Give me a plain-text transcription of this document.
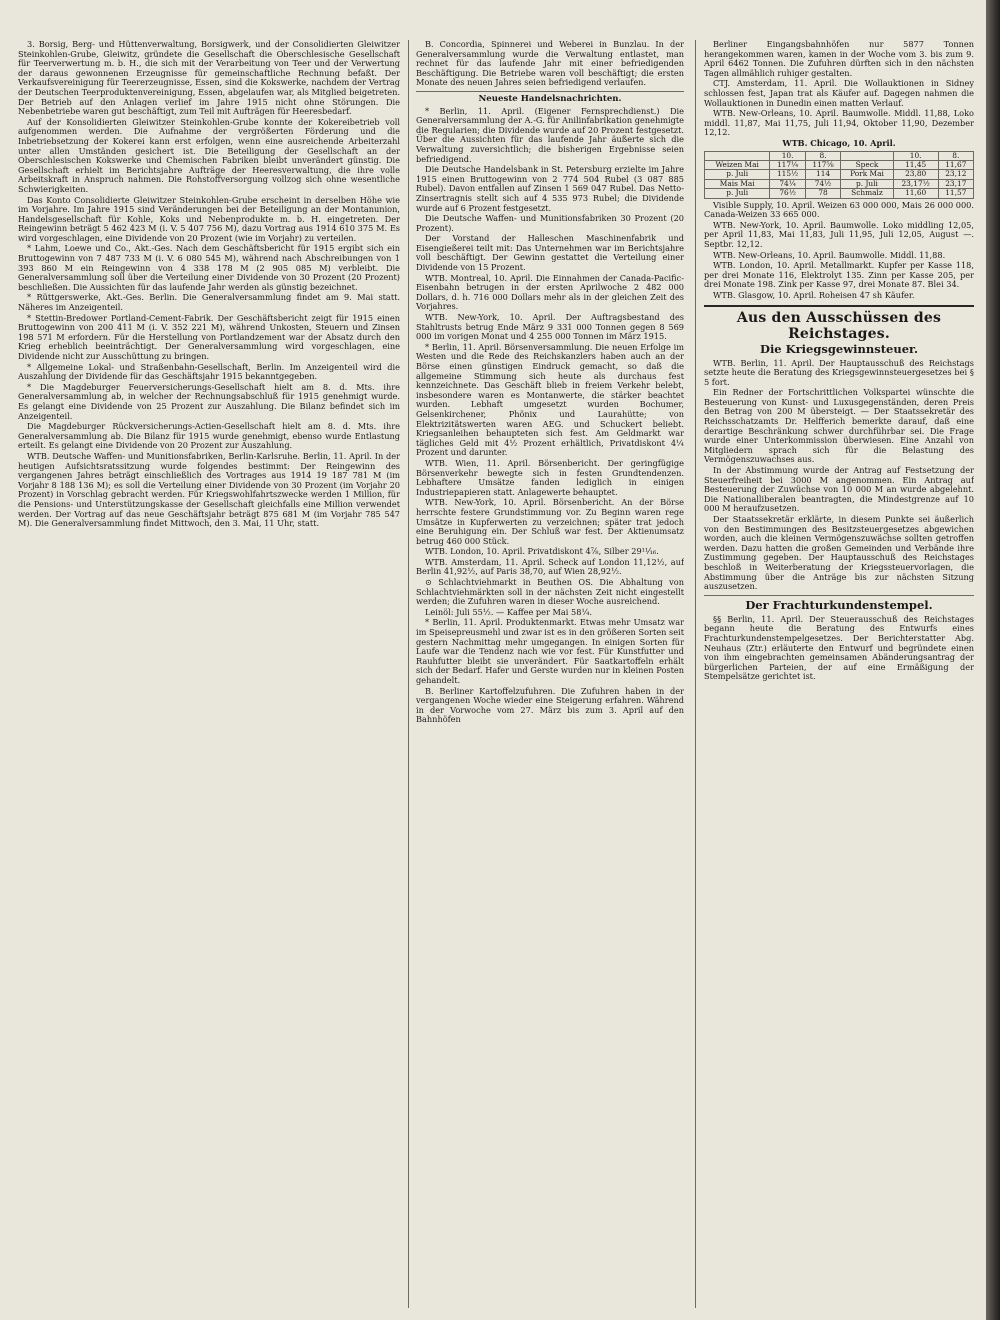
3. Borsig, Berg- und Hüttenverwaltung, Borsigwerk, und der Consolidierten Gleiwitzer Steinkohlen-Grube, Gleiwitz, gründete die Gesellschaft die Oberschlesische Gesellschaft für Teerverwertung m. b. H., die sich mit der Verarbeitung von Teer und der Verwertung der daraus gewonnenen Erzeugnisse für gemeinschaftliche Rechnung befaßt. Der Verkaufsvereinigung für Teererzeugnisse, Essen, sind die Kokswerke, nachdem der Vertrag der Deutschen Teerproduktenvereinigung, Essen, abgelaufen war, als Mitglied beigetreten. Der Betrieb auf den Anlagen verlief im Jahre 1915 nicht ohne Störungen. Die Nebenbetriebe waren gut beschäftigt, zum Teil mit Aufträgen für Heeresbedarf.

Auf der Konsolidierten Gleiwitzer Steinkohlen-Grube konnte der Kokereibetrieb voll aufgenommen werden. Die Aufnahme der vergrößerten Förderung und die Inbetriebsetzung der Kokerei kann erst erfolgen, wenn eine ausreichende Arbeiterzahl unter allen Umständen gesichert ist. Die Beteiligung der Gesellschaft an der Oberschlesischen Kokswerke und Chemischen Fabriken bleibt unverändert günstig. Die Gesellschaft erhielt im Berichtsjahre Aufträge der Heeresverwaltung, die ihre volle Arbeitskraft in Anspruch nahmen. Die Rohstoffversorgung vollzog sich ohne wesentliche Schwierigkeiten.

Das Konto Consolidierte Gleiwitzer Steinkohlen-Grube erscheint in derselben Höhe wie im Vorjahre. Im Jahre 1915 sind Veränderungen bei der Beteiligung an der Montanunion, Handelsgesellschaft für Kohle, Koks und Nebenprodukte m. b. H. eingetreten. Der Reingewinn beträgt 5 462 423 M (i. V. 5 407 756 M), dazu Vortrag aus 1914 610 375 M. Es wird vorgeschlagen, eine Dividende von 20 Prozent (wie im Vorjahr) zu verteilen.

* Lahm, Loewe und Co., Akt.-Ges. Nach dem Geschäftsbericht für 1915 ergibt sich ein Bruttogewinn von 7 487 733 M (i. V. 6 080 545 M), während nach Abschreibungen von 1 393 860 M ein Reingewinn von 4 338 178 M (2 905 085 M) verbleibt. Die Generalversammlung soll über die Verteilung einer Dividende von 30 Prozent (20 Prozent) beschließen. Die Aussichten für das laufende Jahr werden als günstig bezeichnet.

* Rüttgerswerke, Akt.-Ges. Berlin. Die Generalversammlung findet am 9. Mai statt. Näheres im Anzeigenteil.

* Stettin-Bredower Portland-Cement-Fabrik. Der Geschäftsbericht zeigt für 1915 einen Bruttogewinn von 200 411 M (i. V. 352 221 M), während Unkosten, Steuern und Zinsen 198 571 M erfordern. Für die Herstellung von Portlandzement war der Absatz durch den Krieg erheblich beeinträchtigt. Der Generalversammlung wird vorgeschlagen, eine Dividende nicht zur Ausschüttung zu bringen.

* Allgemeine Lokal- und Straßenbahn-Gesellschaft, Berlin. Im Anzeigenteil wird die Auszahlung der Dividende für das Geschäftsjahr 1915 bekanntgegeben.

* Die Magdeburger Feuerversicherungs-Gesellschaft hielt am 8. d. Mts. ihre Generalversammlung ab, in welcher der Rechnungsabschluß für 1915 genehmigt wurde. Es gelangt eine Dividende von 25 Prozent zur Auszahlung. Die Bilanz befindet sich im Anzeigenteil.

Die Magdeburger Rückversicherungs-Actien-Gesellschaft hielt am 8. d. Mts. ihre Generalversammlung ab. Die Bilanz für 1915 wurde genehmigt, ebenso wurde Entlastung erteilt. Es gelangt eine Dividende von 20 Prozent zur Auszahlung.

WTB. Deutsche Waffen- und Munitionsfabriken, Berlin-Karlsruhe. Berlin, 11. April. In der heutigen Aufsichtsratssitzung wurde folgendes bestimmt: Der Reingewinn des vergangenen Jahres beträgt einschließlich des Vortrages aus 1914 19 187 781 M (im Vorjahr 8 188 136 M); es soll die Verteilung einer Dividende von 30 Prozent (im Vorjahr 20 Prozent) in Vorschlag gebracht werden. Für Kriegswohlfahrtszwecke werden 1 Million, für die Pensions- und Unterstützungskasse der Gesellschaft gleichfalls eine Million verwendet werden. Der Vortrag auf das neue Geschäftsjahr beträgt 875 681 M (im Vorjahr 785 547 M). Die Generalversammlung findet Mittwoch, den 3. Mai, 11 Uhr, statt.

B. Concordia, Spinnerei und Weberei in Bunzlau. In der Generalversammlung wurde die Verwaltung entlastet, man rechnet für das laufende Jahr mit einer befriedigenden Beschäftigung. Die Betriebe waren voll beschäftigt; die ersten Monate des neuen Jahres seien befriedigend verlaufen.

Neueste Handelsnachrichten.

* Berlin, 11. April. (Eigener Fernsprechdienst.) Die Generalversammlung der A.-G. für Anilinfabrikation genehmigte die Regularien; die Dividende wurde auf 20 Prozent festgesetzt. Über die Aussichten für das laufende Jahr äußerte sich die Verwaltung zuversichtlich; die bisherigen Ergebnisse seien befriedigend.

Die Deutsche Handelsbank in St. Petersburg erzielte im Jahre 1915 einen Bruttogewinn von 2 774 504 Rubel (3 087 885 Rubel). Davon entfallen auf Zinsen 1 569 047 Rubel. Das Netto-Zinsertragnis stellt sich auf 4 535 973 Rubel; die Dividende wurde auf 6 Prozent festgesetzt.

Die Deutsche Waffen- und Munitionsfabriken 30 Prozent (20 Prozent).

Der Vorstand der Halleschen Maschinenfabrik und Eisengießerei teilt mit: Das Unternehmen war im Berichtsjahre voll beschäftigt. Der Gewinn gestattet die Verteilung einer Dividende von 15 Prozent.

WTB. Montreal, 10. April. Die Einnahmen der Canada-Pacific-Eisenbahn betrugen in der ersten Aprilwoche 2 482 000 Dollars, d. h. 716 000 Dollars mehr als in der gleichen Zeit des Vorjahres.

WTB. New-York, 10. April. Der Auftragsbestand des Stahltrusts betrug Ende März 9 331 000 Tonnen gegen 8 569 000 im vorigen Monat und 4 255 000 Tonnen im März 1915.

* Berlin, 11. April. Börsenversammlung. Die neuen Erfolge im Westen und die Rede des Reichskanzlers haben auch an der Börse einen günstigen Eindruck gemacht, so daß die allgemeine Stimmung sich heute als durchaus fest kennzeichnete. Das Geschäft blieb in freiem Verkehr belebt, insbesondere waren es Montanwerte, die stärker beachtet wurden. Lebhaft umgesetzt wurden Bochumer, Gelsenkirchener, Phönix und Laurahütte; von Elektrizitätswerten waren AEG. und Schuckert beliebt. Kriegsanleihen behaupteten sich fest. Am Geldmarkt war tägliches Geld mit 4½ Prozent erhältlich, Privatdiskont 4¼ Prozent und darunter.

WTB. Wien, 11. April. Börsenbericht. Der geringfügige Börsenverkehr bewegte sich in festen Grundtendenzen. Lebhaftere Umsätze fanden lediglich in einigen Industriepapieren statt. Anlagewerte behauptet.

WTB. New-York, 10. April. Börsenbericht. An der Börse herrschte festere Grundstimmung vor. Zu Beginn waren rege Umsätze in Kupferwerten zu verzeichnen; später trat jedoch eine Beruhigung ein. Der Schluß war fest. Der Aktienumsatz betrug 460 000 Stück.

WTB. London, 10. April. Privatdiskont 4⅞, Silber 29¹¹⁄₁₆.

WTB. Amsterdam, 11. April. Scheck auf London 11,12½, auf Berlin 41,92½, auf Paris 38,70, auf Wien 28,92½.

⊙ Schlachtviehmarkt in Beuthen OS. Die Abhaltung von Schlachtviehmärkten soll in der nächsten Zeit nicht eingestellt werden; die Zufuhren waren in dieser Woche ausreichend.

Leinöl: Juli 55½. — Kaffee per Mai 58¼.

* Berlin, 11. April. Produktenmarkt. Etwas mehr Umsatz war im Speisepreusmehl und zwar ist es in den größeren Sorten seit gestern Nachmittag mehr umgegangen. In einigen Sorten für Laufe war die Tendenz nach wie vor fest. Für Kunstfutter und Rauhfutter bleibt sie unverändert. Für Saatkartoffeln erhält sich der Bedarf. Hafer und Gerste wurden nur in kleinen Posten gehandelt.

B. Berliner Kartoffelzufuhren. Die Zufuhren haben in der vergangenen Woche wieder eine Steigerung erfahren. Während in der Vorwoche vom 27. März bis zum 3. April auf den Bahnhöfen

Berliner Eingangsbahnhöfen nur 5877 Tonnen herangekommen waren, kamen in der Woche vom 3. bis zum 9. April 6462 Tonnen. Die Zufuhren dürften sich in den nächsten Tagen allmählich ruhiger gestalten.

CTJ. Amsterdam, 11. April. Die Wollauktionen in Sidney schlossen fest, Japan trat als Käufer auf. Dagegen nahmen die Wollauktionen in Dunedin einen matten Verlauf.

WTB. New-Orleans, 10. April. Baumwolle. Middl. 11,88, Loko middl. 11,87, Mai 11,75, Juli 11,94, Oktober 11,90, Dezember 12,12.

WTB. Chicago, 10. April.
	10.	8.		10.	8.
Weizen Mai	117¼	117⅝	Speck	11,45	11,67
p. Juli	115½	114	Pork Mai	23,80	23,12
Mais Mai	74¼	74½	p. Juli	23,17½	23,17
p. Juli	76½	78	Schmalz	11,60	11,57

Visible Supply, 10. April. Weizen 63 000 000, Mais 26 000 000. Canada-Weizen 33 665 000.

WTB. New-York, 10. April. Baumwolle. Loko middling 12,05, per April 11,83, Mai 11,83, Juli 11,95, Juli 12,05, August —. Septbr. 12,12.

WTB. New-Orleans, 10. April. Baumwolle. Middl. 11,88.

WTB. London, 10. April. Metallmarkt. Kupfer per Kasse 118, per drei Monate 116, Elektrolyt 135. Zinn per Kasse 205, per drei Monate 198. Zink per Kasse 97, drei Monate 87. Blei 34.

WTB. Glasgow, 10. April. Roheisen 47 sh Käufer.

Aus den Ausschüssen des Reichstages.
Die Kriegsgewinnsteuer.

WTB. Berlin, 11. April. Der Hauptausschuß des Reichstags setzte heute die Beratung des Kriegsgewinnsteuergesetzes bei § 5 fort.

Ein Redner der Fortschrittlichen Volkspartei wünschte die Besteuerung von Kunst- und Luxusgegenständen, deren Preis den Betrag von 200 M übersteigt. — Der Staatssekretär des Reichsschatzamts Dr. Helfferich bemerkte darauf, daß eine derartige Beschränkung schwer durchführbar sei. Die Frage wurde einer Unterkommission überwiesen. Eine Anzahl von Mitgliedern sprach sich für die Belastung des Vermögenszuwachses aus.

In der Abstimmung wurde der Antrag auf Festsetzung der Steuerfreiheit bei 3000 M angenommen. Ein Antrag auf Besteuerung der Zuwüchse von 10 000 M an wurde abgelehnt. Die Nationalliberalen beantragten, die Mindestgrenze auf 10 000 M heraufzusetzen.

Der Staatssekretär erklärte, in diesem Punkte sei äußerlich von den Bestimmungen des Besitzsteuergesetzes abgewichen worden, auch die kleinen Vermögenszuwächse sollten getroffen werden. Dazu hatten die großen Gemeinden und Verbände ihre Zustimmung gegeben. Der Hauptausschuß des Reichstages beschloß in Weiterberatung der Kriegssteuervorlagen, die Abstimmung über die Anträge bis zur nächsten Sitzung auszusetzen.

Der Frachturkundenstempel.

§§ Berlin, 11. April. Der Steuerausschuß des Reichstages begann heute die Beratung des Entwurfs eines Frachturkundenstempelgesetzes. Der Berichterstatter Abg. Neuhaus (Ztr.) erläuterte den Entwurf und begründete einen von ihm eingebrachten gemeinsamen Abänderungsantrag der bürgerlichen Parteien, der auf eine Ermäßigung der Stempelsätze gerichtet ist.
